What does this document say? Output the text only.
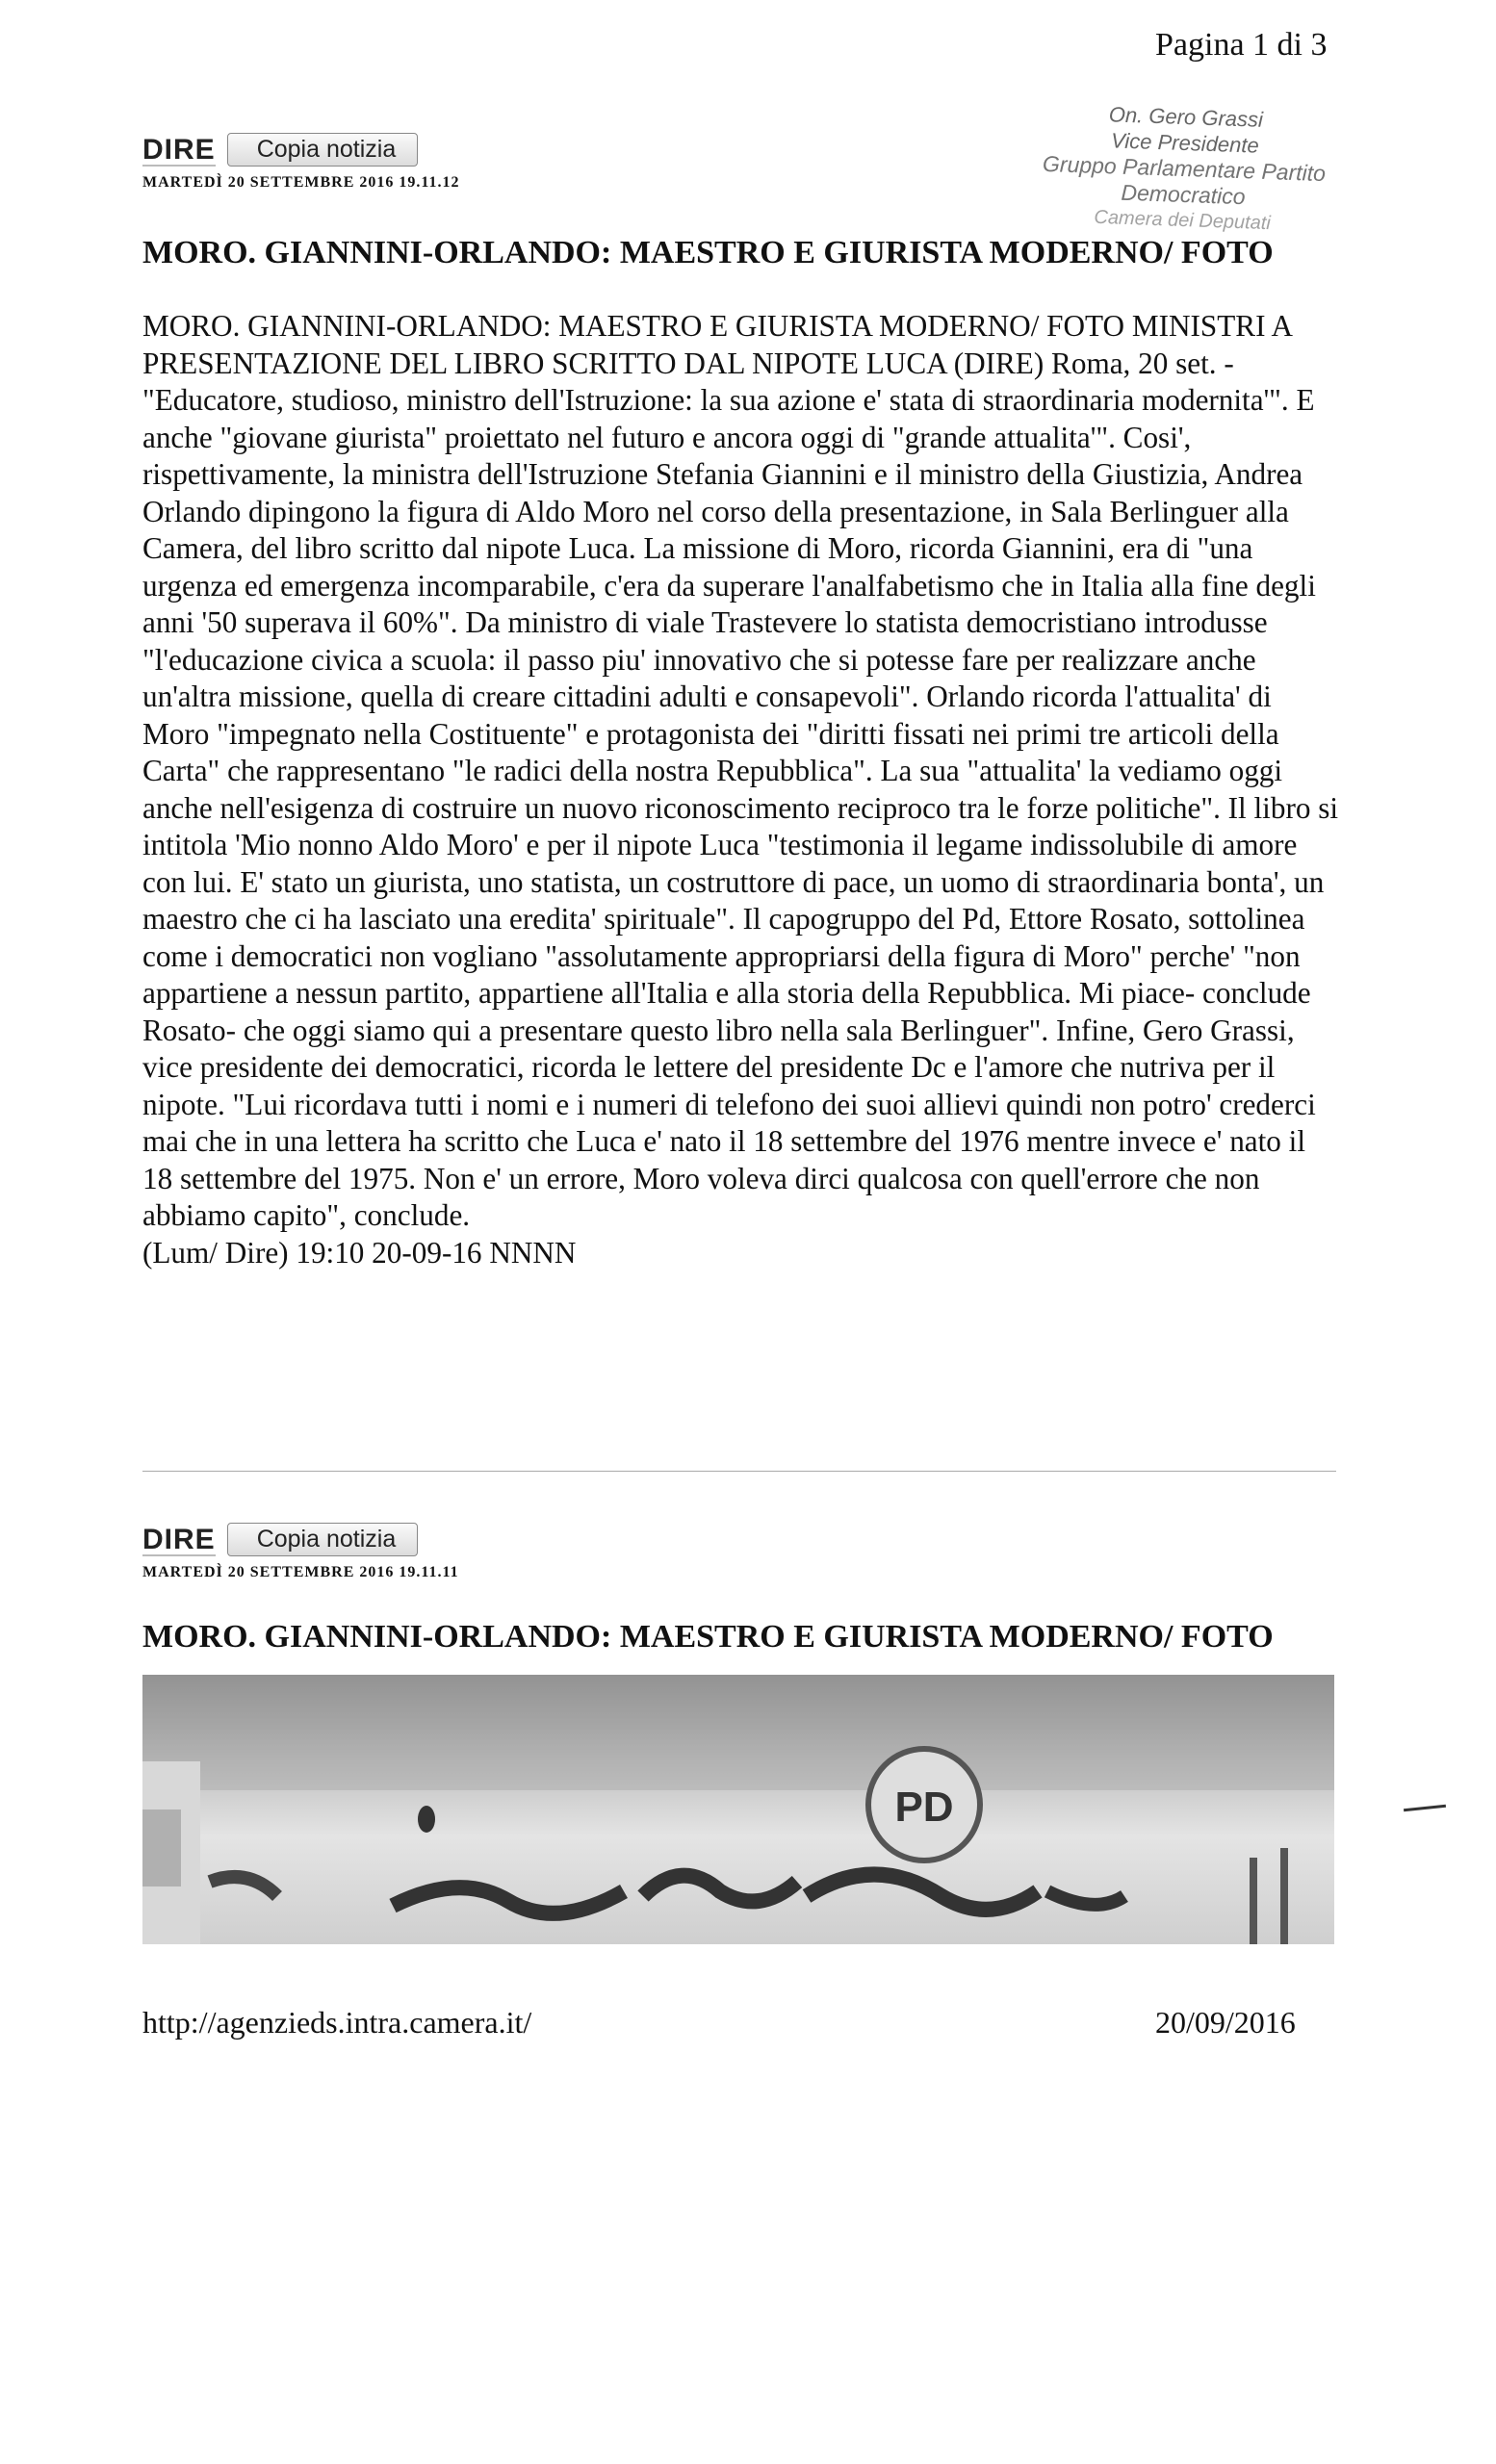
Pagina 1 di 3
On. Gero Grassi
Vice Presidente
Gruppo Parlamentare Partito Democratico
Camera dei Deputati
DIRE Copia notizia
MARTEDÌ 20 SETTEMBRE 2016 19.11.12
MORO. GIANNINI-ORLANDO: MAESTRO E GIURISTA MODERNO/ FOTO

MORO. GIANNINI-ORLANDO: MAESTRO E GIURISTA MODERNO/ FOTO MINISTRI A PRESENTAZIONE DEL LIBRO SCRITTO DAL NIPOTE LUCA (DIRE) Roma, 20 set. - "Educatore, studioso, ministro dell'Istruzione: la sua azione e' stata di straordinaria modernita'". E anche "giovane giurista" proiettato nel futuro e ancora oggi di "grande attualita'". Cosi', rispettivamente, la ministra dell'Istruzione Stefania Giannini e il ministro della Giustizia, Andrea Orlando dipingono la figura di Aldo Moro nel corso della presentazione, in Sala Berlinguer alla Camera, del libro scritto dal nipote Luca. La missione di Moro, ricorda Giannini, era di "una urgenza ed emergenza incomparabile, c'era da superare l'analfabetismo che in Italia alla fine degli anni '50 superava il 60%". Da ministro di viale Trastevere lo statista democristiano introdusse "l'educazione civica a scuola: il passo piu' innovativo che si potesse fare per realizzare anche un'altra missione, quella di creare cittadini adulti e consapevoli". Orlando ricorda l'attualita' di Moro "impegnato nella Costituente" e protagonista dei "diritti fissati nei primi tre articoli della Carta" che rappresentano "le radici della nostra Repubblica". La sua "attualita' la vediamo oggi anche nell'esigenza di costruire un nuovo riconoscimento reciproco tra le forze politiche". Il libro si intitola 'Mio nonno Aldo Moro' e per il nipote Luca "testimonia il legame indissolubile di amore con lui. E' stato un giurista, uno statista, un costruttore di pace, un uomo di straordinaria bonta', un maestro che ci ha lasciato una eredita' spirituale". Il capogruppo del Pd, Ettore Rosato, sottolinea come i democratici non vogliano "assolutamente appropriarsi della figura di Moro" perche' "non appartiene a nessun partito, appartiene all'Italia e alla storia della Repubblica. Mi piace- conclude Rosato- che oggi siamo qui a presentare questo libro nella sala Berlinguer". Infine, Gero Grassi, vice presidente dei democratici, ricorda le lettere del presidente Dc e l'amore che nutriva per il nipote. "Lui ricordava tutti i nomi e i numeri di telefono dei suoi allievi quindi non potro' crederci mai che in una lettera ha scritto che Luca e' nato il 18 settembre del 1976 mentre invece e' nato il 18 settembre del 1975. Non e' un errore, Moro voleva dirci qualcosa con quell'errore che non abbiamo capito", conclude.

(Lum/ Dire) 19:10 20-09-16 NNNN

DIRE Copia notizia
MARTEDÌ 20 SETTEMBRE 2016 19.11.11
MORO. GIANNINI-ORLANDO: MAESTRO E GIURISTA MODERNO/ FOTO
PD
http://agenzieds.intra.camera.it/	20/09/2016
